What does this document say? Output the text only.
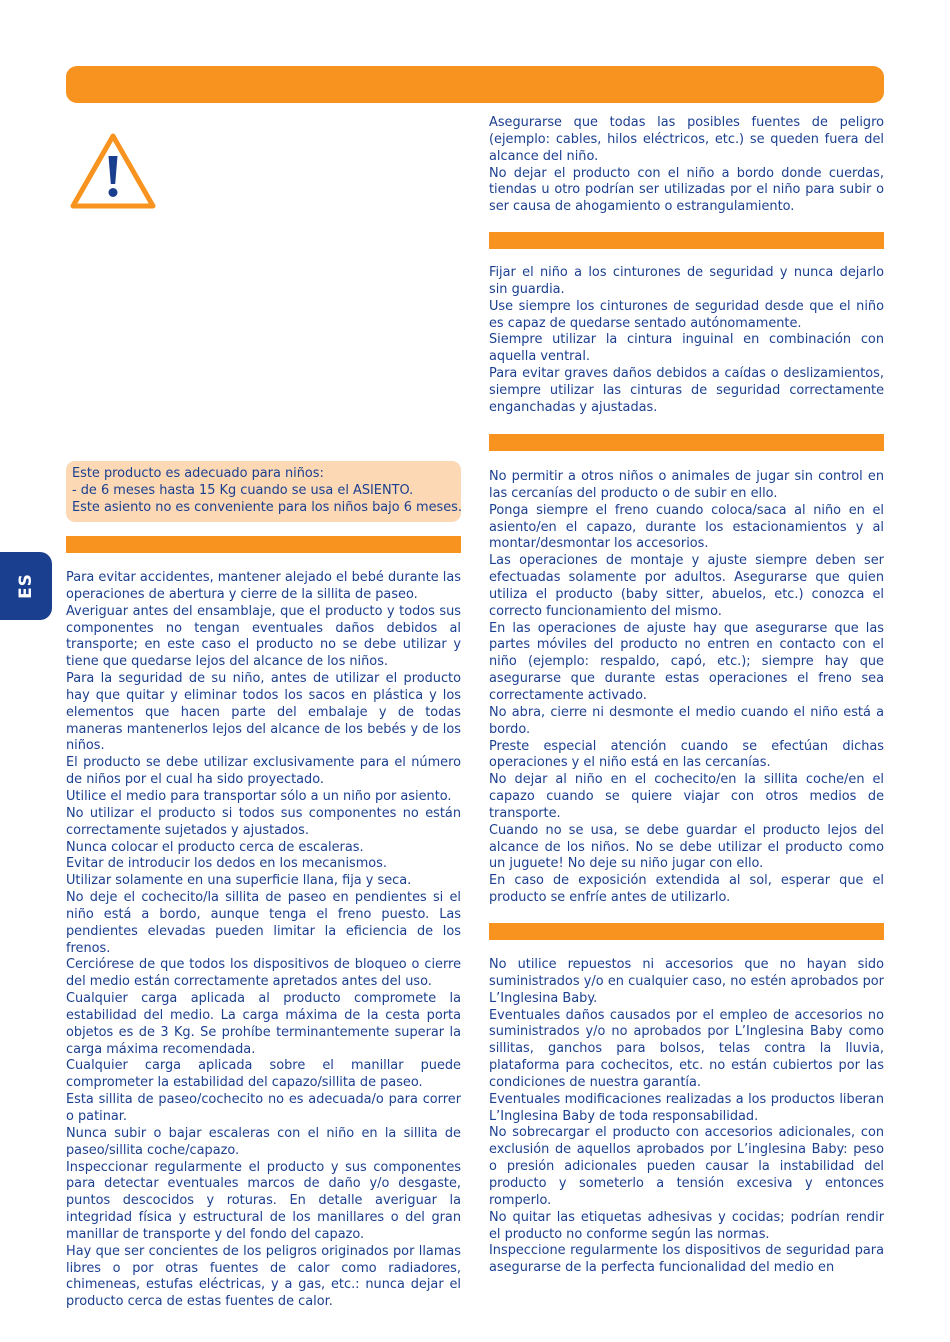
Este producto es adecuado para niños:

- de 6 meses hasta 15 Kg cuando se usa el ASIENTO.

Este asiento no es conveniente para los niños bajo 6 meses.

ES Para evitar accidentes, mantener alejado el bebé durante las operaciones de abertura y cierre de la sillita de paseo.

Averiguar antes del ensamblaje, que el producto y todos sus componentes no tengan eventuales daños debidos al transporte; en este caso el producto no se debe utilizar y tiene que quedarse lejos del alcance de los niños.

Para la seguridad de su niño, antes de utilizar el producto hay que quitar y eliminar todos los sacos en plástica y los elementos que hacen parte del embalaje y de todas maneras mantenerlos lejos del alcance de los bebés y de los niños.

El producto se debe utilizar exclusivamente para el número de niños por el cual ha sido proyectado.

Utilice el medio para transportar sólo a un niño por asiento.

No utilizar el producto si todos sus componentes no están correctamente sujetados y ajustados.

Nunca colocar el producto cerca de escaleras.

Evitar de introducir los dedos en los mecanismos.

Utilizar solamente en una superficie llana, fija y seca.

No deje el cochecito/la sillita de paseo en pendientes si el niño está a bordo, aunque tenga el freno puesto. Las pendientes elevadas pueden limitar la eficiencia de los frenos.

Cerciórese de que todos los dispositivos de bloqueo o cierre del medio están correctamente apretados antes del uso.

Cualquier carga aplicada al producto compromete la estabilidad del medio. La carga máxima de la cesta porta objetos es de 3 Kg. Se prohíbe terminantemente superar la carga máxima recomendada.

Cualquier carga aplicada sobre el manillar puede comprometer la estabilidad del capazo/sillita de paseo.

Esta sillita de paseo/cochecito no es adecuada/o para correr o patinar.

Nunca subir o bajar escaleras con el niño en la sillita de paseo/sillita coche/capazo.

Inspeccionar regularmente el producto y sus componentes para detectar eventuales marcos de daño y/o desgaste, puntos descocidos y roturas. En detalle averiguar la integridad física y estructural de los manillares o del gran manillar de transporte y del fondo del capazo.

Hay que ser concientes de los peligros originados por llamas libres o por otras fuentes de calor como radiadores, chimeneas, estufas eléctricas, y a gas, etc.: nunca dejar el producto cerca de estas fuentes de calor.

Asegurarse que todas las posibles fuentes de peligro (ejemplo: cables, hilos eléctricos, etc.) se queden fuera del alcance del niño.

No dejar el producto con el niño a bordo donde cuerdas, tiendas u otro podrían ser utilizadas por el niño para subir o ser causa de ahogamiento o estrangulamiento.

Fijar el niño a los cinturones de seguridad y nunca dejarlo sin guardia.

Use siempre los cinturones de seguridad desde que el niño es capaz de quedarse sentado autónomamente.

Siempre utilizar la cintura inguinal en combinación con aquella ventral.

Para evitar graves daños debidos a caídas o deslizamientos, siempre utilizar las cinturas de seguridad correctamente enganchadas y ajustadas.

No permitir a otros niños o animales de jugar sin control en las cercanías del producto o de subir en ello.

Ponga siempre el freno cuando coloca/saca al niño en el asiento/en el capazo, durante los estacionamientos y al montar/desmontar los accesorios.

Las operaciones de montaje y ajuste siempre deben ser efectuadas solamente por adultos. Asegurarse que quien utiliza el producto (baby sitter, abuelos, etc.) conozca el correcto funcionamiento del mismo.

En las operaciones de ajuste hay que asegurarse que las partes móviles del producto no entren en contacto con el niño (ejemplo: respaldo, capó, etc.); siempre hay que asegurarse que durante estas operaciones el freno sea correctamente activado.

No abra, cierre ni desmonte el medio cuando el niño está a bordo.

Preste especial atención cuando se efectúan dichas operaciones y el niño está en las cercanías.

No dejar al niño en el cochecito/en la sillita coche/en el capazo cuando se quiere viajar con otros medios de transporte.

Cuando no se usa, se debe guardar el producto lejos del alcance de los niños. No se debe utilizar el producto como un juguete! No deje su niño jugar con ello.

En caso de exposición extendida al sol, esperar que el producto se enfríe antes de utilizarlo.

No utilice repuestos ni accesorios que no hayan sido suministrados y/o en cualquier caso, no estén aprobados por L’Inglesina Baby.

Eventuales daños causados por el empleo de accesorios no suministrados y/o no aprobados por L’Inglesina Baby como sillitas, ganchos para bolsos, telas contra la lluvia, plataforma para cochecitos, etc. no están cubiertos por las condiciones de nuestra garantía.

Eventuales modificaciones realizadas a los productos liberan L’Inglesina Baby de toda responsabilidad.

No sobrecargar el producto con accesorios adicionales, con exclusión de aquellos aprobados por L’inglesina Baby: peso o presión adicionales pueden causar la instabilidad del producto y someterlo a tensión excesiva y entonces romperlo.

No quitar las etiquetas adhesivas y cocidas; podrían rendir el producto no conforme según las normas.

Inspeccione regularmente los dispositivos de seguridad para asegurarse de la perfecta funcionalidad del medio en
